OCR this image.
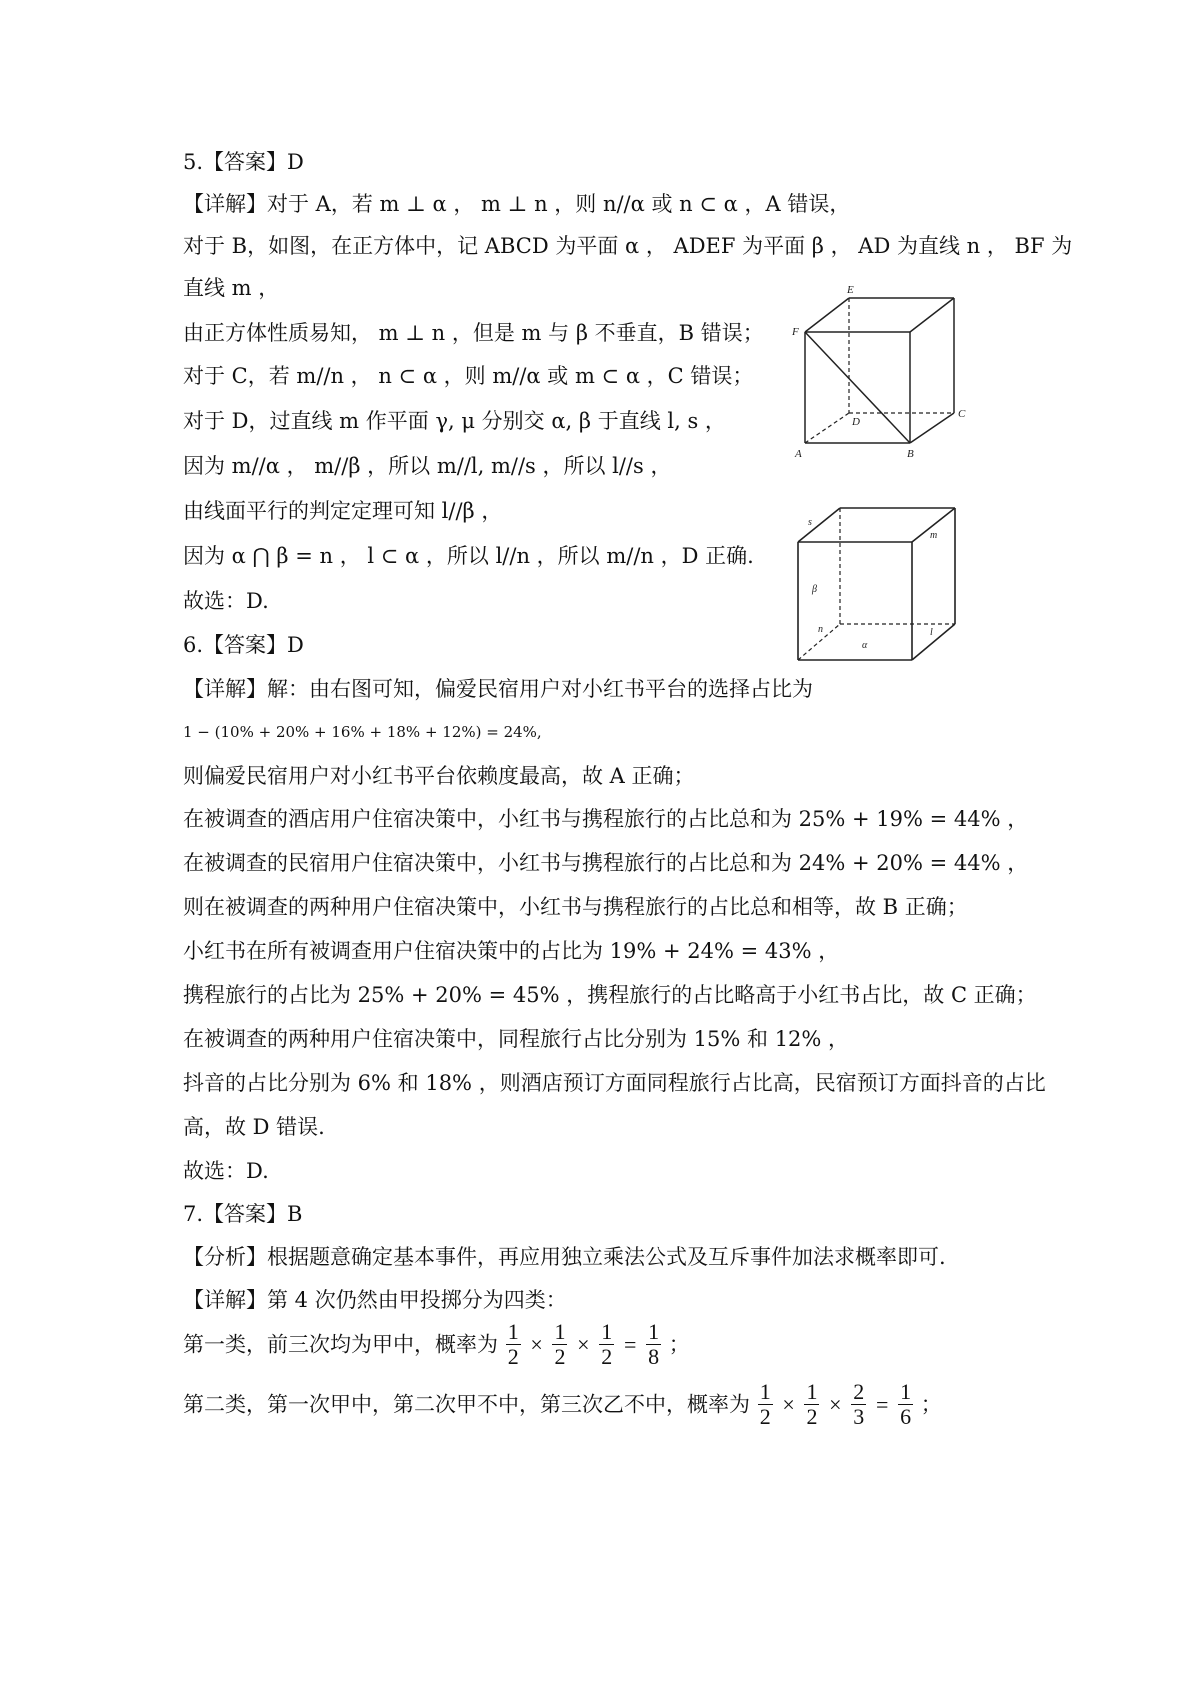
5.【答案】D
【详解】对于 A，若 m ⊥ α ， m ⊥ n ，则 n//α 或 n ⊂ α ，A 错误，
对于 B，如图，在正方体中，记 ABCD 为平面 α ， ADEF 为平面 β ， AD 为直线 n ， BF 为
直线 m ，
由正方体性质易知， m ⊥ n ，但是 m 与 β 不垂直，B 错误；
对于 C，若 m//n ， n ⊂ α ，则 m//α 或 m ⊂ α ，C 错误；
对于 D，过直线 m 作平面 γ, μ 分别交 α, β 于直线 l, s ，
因为 m//α ， m//β ，所以 m//l, m//s ，所以 l//s ，
由线面平行的判定定理可知 l//β ，
因为 α ⋂ β = n ， l ⊂ α ，所以 l//n ，所以 m//n ，D 正确.
故选：D.
E
F
D
C
A	B
s
m
β
n
α
l
6.【答案】D
【详解】解：由右图可知，偏爱民宿用户对小红书平台的选择占比为
1 − (10% + 20% + 16% + 18% + 12%) = 24%,
则偏爱民宿用户对小红书平台依赖度最高，故 A 正确；
在被调查的酒店用户住宿决策中，小红书与携程旅行的占比总和为 25% + 19% = 44% ，
在被调查的民宿用户住宿决策中，小红书与携程旅行的占比总和为 24% + 20% = 44% ，
则在被调查的两种用户住宿决策中，小红书与携程旅行的占比总和相等，故 B 正确；
小红书在所有被调查用户住宿决策中的占比为 19% + 24% = 43% ，
携程旅行的占比为 25% + 20% = 45% ，携程旅行的占比略高于小红书占比，故 C 正确；
在被调查的两种用户住宿决策中，同程旅行占比分别为 15% 和 12% ，
抖音的占比分别为 6% 和 18% ，则酒店预订方面同程旅行占比高，民宿预订方面抖音的占比
高，故 D 错误.
故选：D.
7.【答案】B
【分析】根据题意确定基本事件，再应用独立乘法公式及互斥事件加法求概率即可.
【详解】第 4 次仍然由甲投掷分为四类：
第一类，前三次均为甲中，概率为 $\frac{1}{2} \times \frac{1}{2} \times \frac{1}{2} = \frac{1}{8}$ ；
第二类，第一次甲中，第二次甲不中，第三次乙不中，概率为 $\frac{1}{2} \times \frac{1}{2} \times \frac{2}{3} = \frac{1}{6}$ ；
